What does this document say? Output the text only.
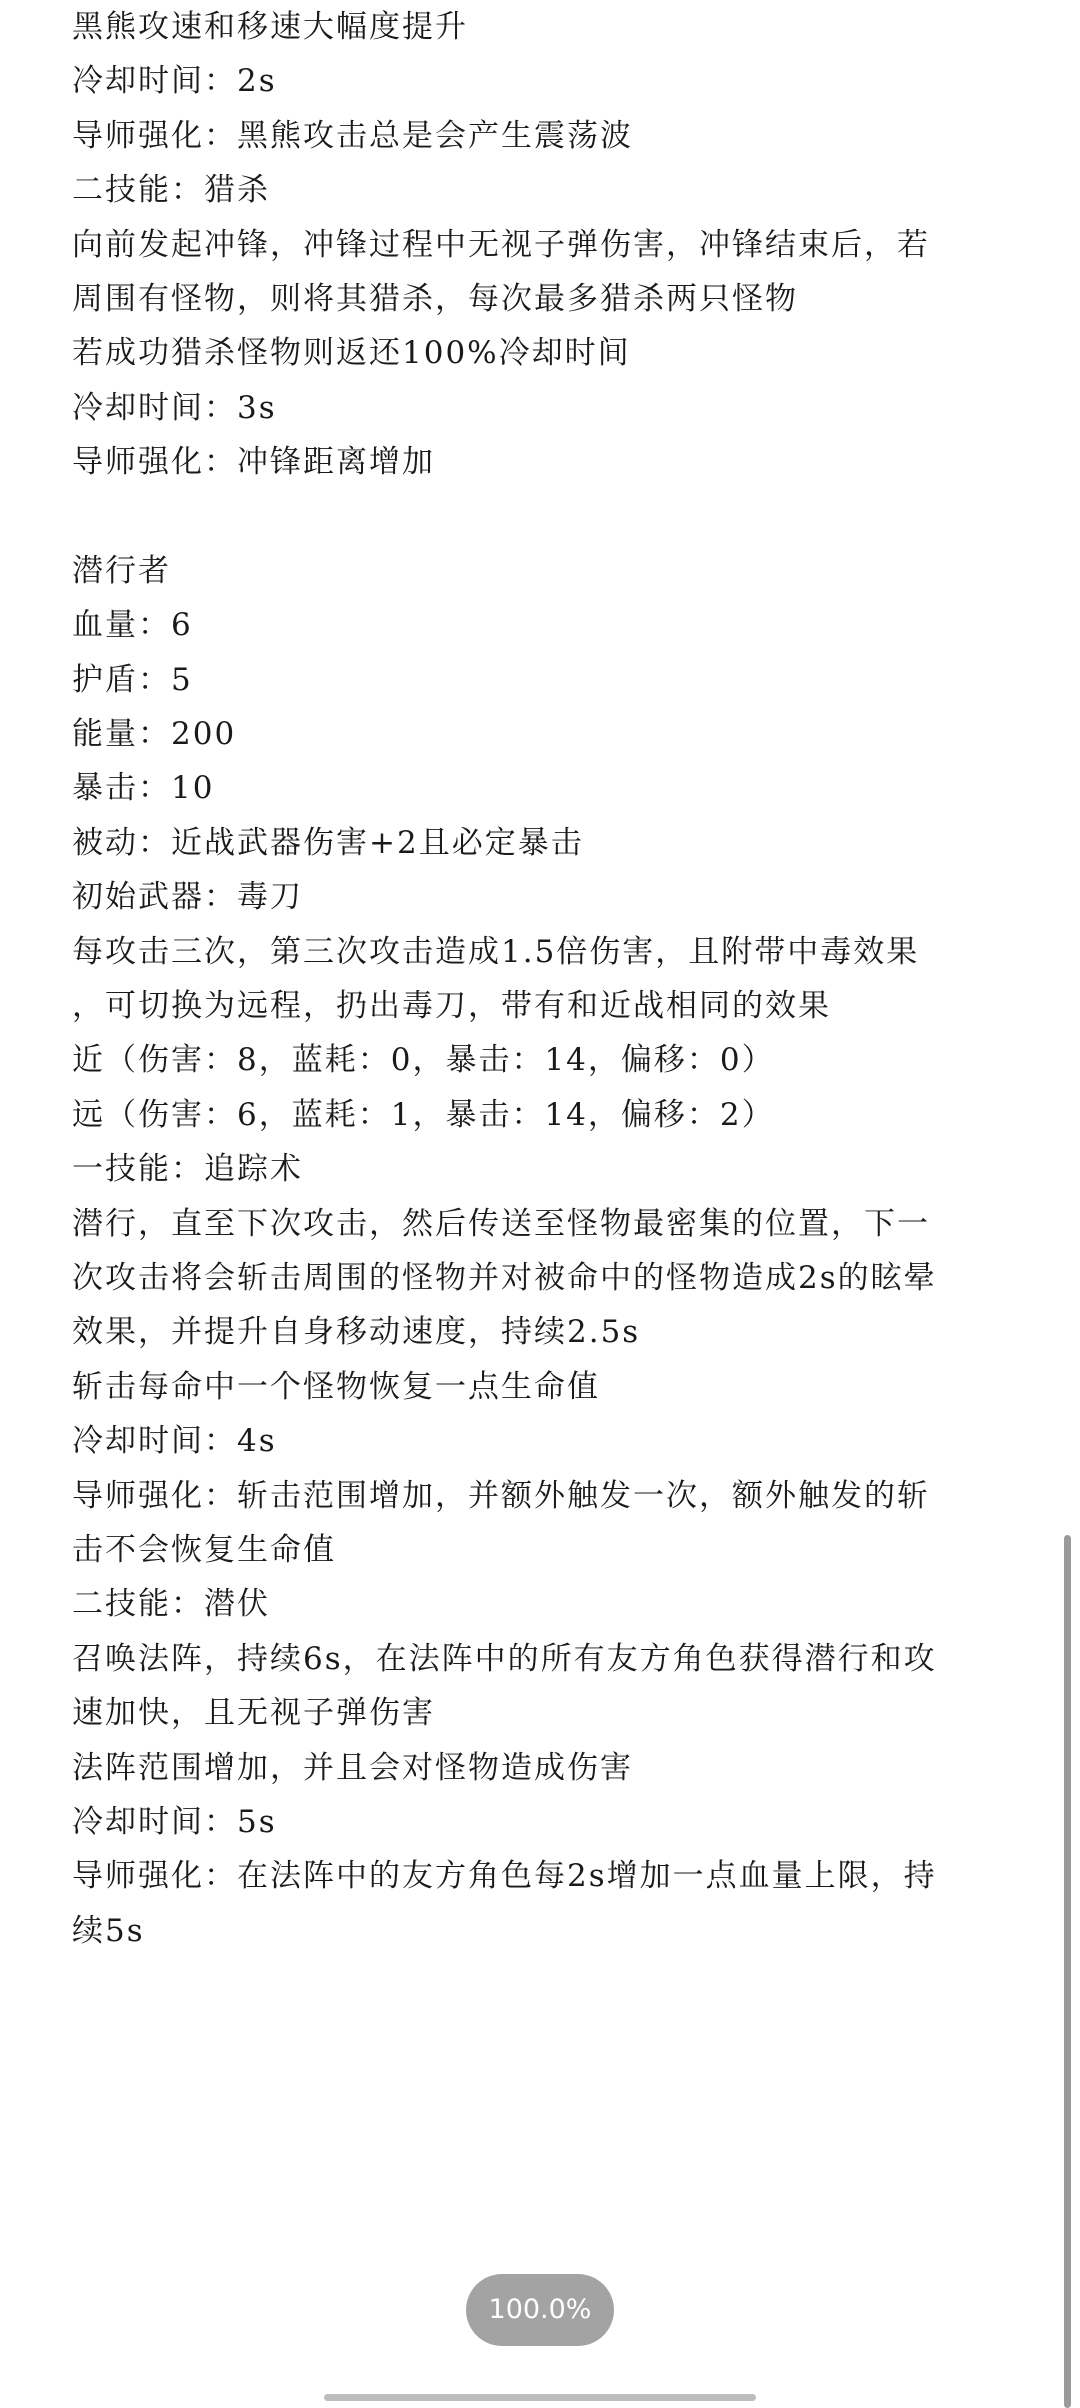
黑熊攻速和移速大幅度提升
冷却时间：2s
导师强化：黑熊攻击总是会产生震荡波
二技能：猎杀
向前发起冲锋，冲锋过程中无视子弹伤害，冲锋结束后，若
周围有怪物，则将其猎杀，每次最多猎杀两只怪物
若成功猎杀怪物则返还100%冷却时间
冷却时间：3s
导师强化：冲锋距离增加
潜行者
血量：6
护盾：5
能量：200
暴击：10
被动：近战武器伤害+2且必定暴击
初始武器：毒刀
每攻击三次，第三次攻击造成1.5倍伤害，且附带中毒效果
，可切换为远程，扔出毒刀，带有和近战相同的效果
近（伤害：8，蓝耗：0，暴击：14，偏移：0）
远（伤害：6，蓝耗：1，暴击：14，偏移：2）
一技能：追踪术
潜行，直至下次攻击，然后传送至怪物最密集的位置，下一
次攻击将会斩击周围的怪物并对被命中的怪物造成2s的眩晕
效果，并提升自身移动速度，持续2.5s
斩击每命中一个怪物恢复一点生命值
冷却时间：4s
导师强化：斩击范围增加，并额外触发一次，额外触发的斩
击不会恢复生命值
二技能：潜伏
召唤法阵，持续6s，在法阵中的所有友方角色获得潜行和攻
速加快，且无视子弹伤害
法阵范围增加，并且会对怪物造成伤害
冷却时间：5s
导师强化：在法阵中的友方角色每2s增加一点血量上限，持
续5s
100.0%
